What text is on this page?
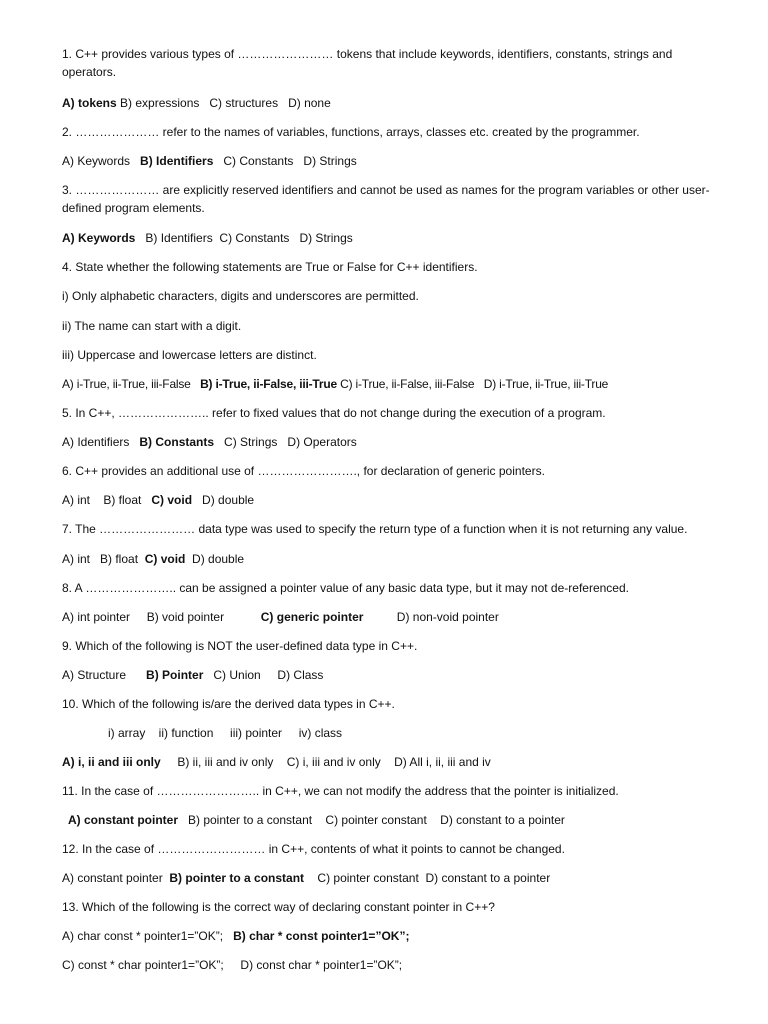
1. C++ provides various types of …………………… tokens that include keywords, identifiers, constants, strings and operators.
A) tokens B) expressions   C) structures   D) none
2. ………………… refer to the names of variables, functions, arrays, classes etc. created by the programmer.
A) Keywords   B) Identifiers   C) Constants   D) Strings
3. ………………… are explicitly reserved identifiers and cannot be used as names for the program variables or other user-defined program elements.
A) Keywords   B) Identifiers  C) Constants   D) Strings
4. State whether the following statements are True or False for C++ identifiers.
i) Only alphabetic characters, digits and underscores are permitted.
ii) The name can start with a digit.
iii) Uppercase and lowercase letters are distinct.
A) i-True, ii-True, iii-False   B) i-True, ii-False, iii-True C) i-True, ii-False, iii-False   D) i-True, ii-True, iii-True
5. In C++, ………………….. refer to fixed values that do not change during the execution of a program.
A) Identifiers   B) Constants   C) Strings   D) Operators
6. C++ provides an additional use of ……………………., for declaration of generic pointers.
A) int    B) float   C) void   D) double
7. The …………………… data type was used to specify the return type of a function when it is not returning any value.
A) int   B) float  C) void  D) double
8. A ………………….. can be assigned a pointer value of any basic data type, but it may not de-referenced.
A) int pointer     B) void pointer           C) generic pointer          D) non-void pointer
9. Which of the following is NOT the user-defined data type in C++.
A) Structure      B) Pointer   C) Union     D) Class
10. Which of the following is/are the derived data types in C++.
i) array    ii) function     iii) pointer     iv) class
A) i, ii and iii only     B) ii, iii and iv only    C) i, iii and iv only    D) All i, ii, iii and iv
11. In the case of …………………….. in C++, we can not modify the address that the pointer is initialized.
A) constant pointer   B) pointer to a constant    C) pointer constant    D) constant to a pointer
12. In the case of ……………………… in C++, contents of what it points to cannot be changed.
A) constant pointer  B) pointer to a constant    C) pointer constant  D) constant to a pointer
13. Which of the following is the correct way of declaring constant pointer in C++?
A) char const * pointer1=”OK”;   B) char * const pointer1=”OK”;
C) const * char pointer1=”OK”;     D) const char * pointer1=”OK”;
